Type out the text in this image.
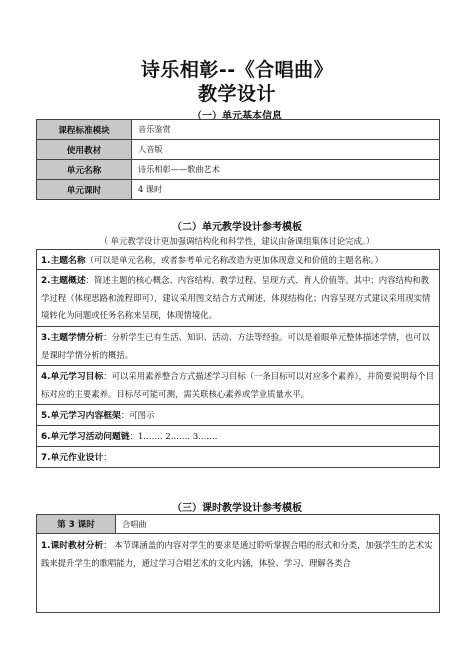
诗乐相彰--《合唱曲》
教学设计
（一）单元基本信息
课程标准模块	音乐鉴赏
使用教材	人音版
单元名称	诗乐相彰——歌曲艺术
单元课时	4 课时
（二）单元教学设计参考模板
（ 单元教学设计更加强调结构化和科学性，建议由备课组集体讨论完成。）
1.主题名称（可以是单元名称，或者参考单元名称改造为更加体现意义和价值的主题名称。）
2.主题概述：简述主题的核心概念、内容结构、教学过程、呈现方式、育人价值等。其中：内容结构和教学过程（体现思路和流程即可），建议采用图文结合方式阐述，体现结构化；内容呈现方式建议采用现实情境转化为问题或任务名称来呈现，体现情境化。
3.主题学情分析：分析学生已有生活、知识、活动、方法等经验。可以是着眼单元整体描述学情，也可以是课时学情分析的概括。
4.单元学习目标：可以采用素养整合方式描述学习目标（一条目标可以对应多个素养），并简要说明每个目标对应的主要素养。目标尽可能可测，需关联核心素养或学业质量水平。
5.单元学习内容框架：可图示
6.单元学习活动问题链：1.…… 2.…… 3.……
7.单元作业设计：
（三）课时教学设计参考模板
第 3 课时	合唱曲
1.课时教材分析： 本节课涵盖的内容对学生的要求是通过聆听掌握合唱的形式和分类，加强学生的艺术实践来提升学生的歌唱能力，通过学习合唱艺术的文化内涵，体验、学习、理解各类合
